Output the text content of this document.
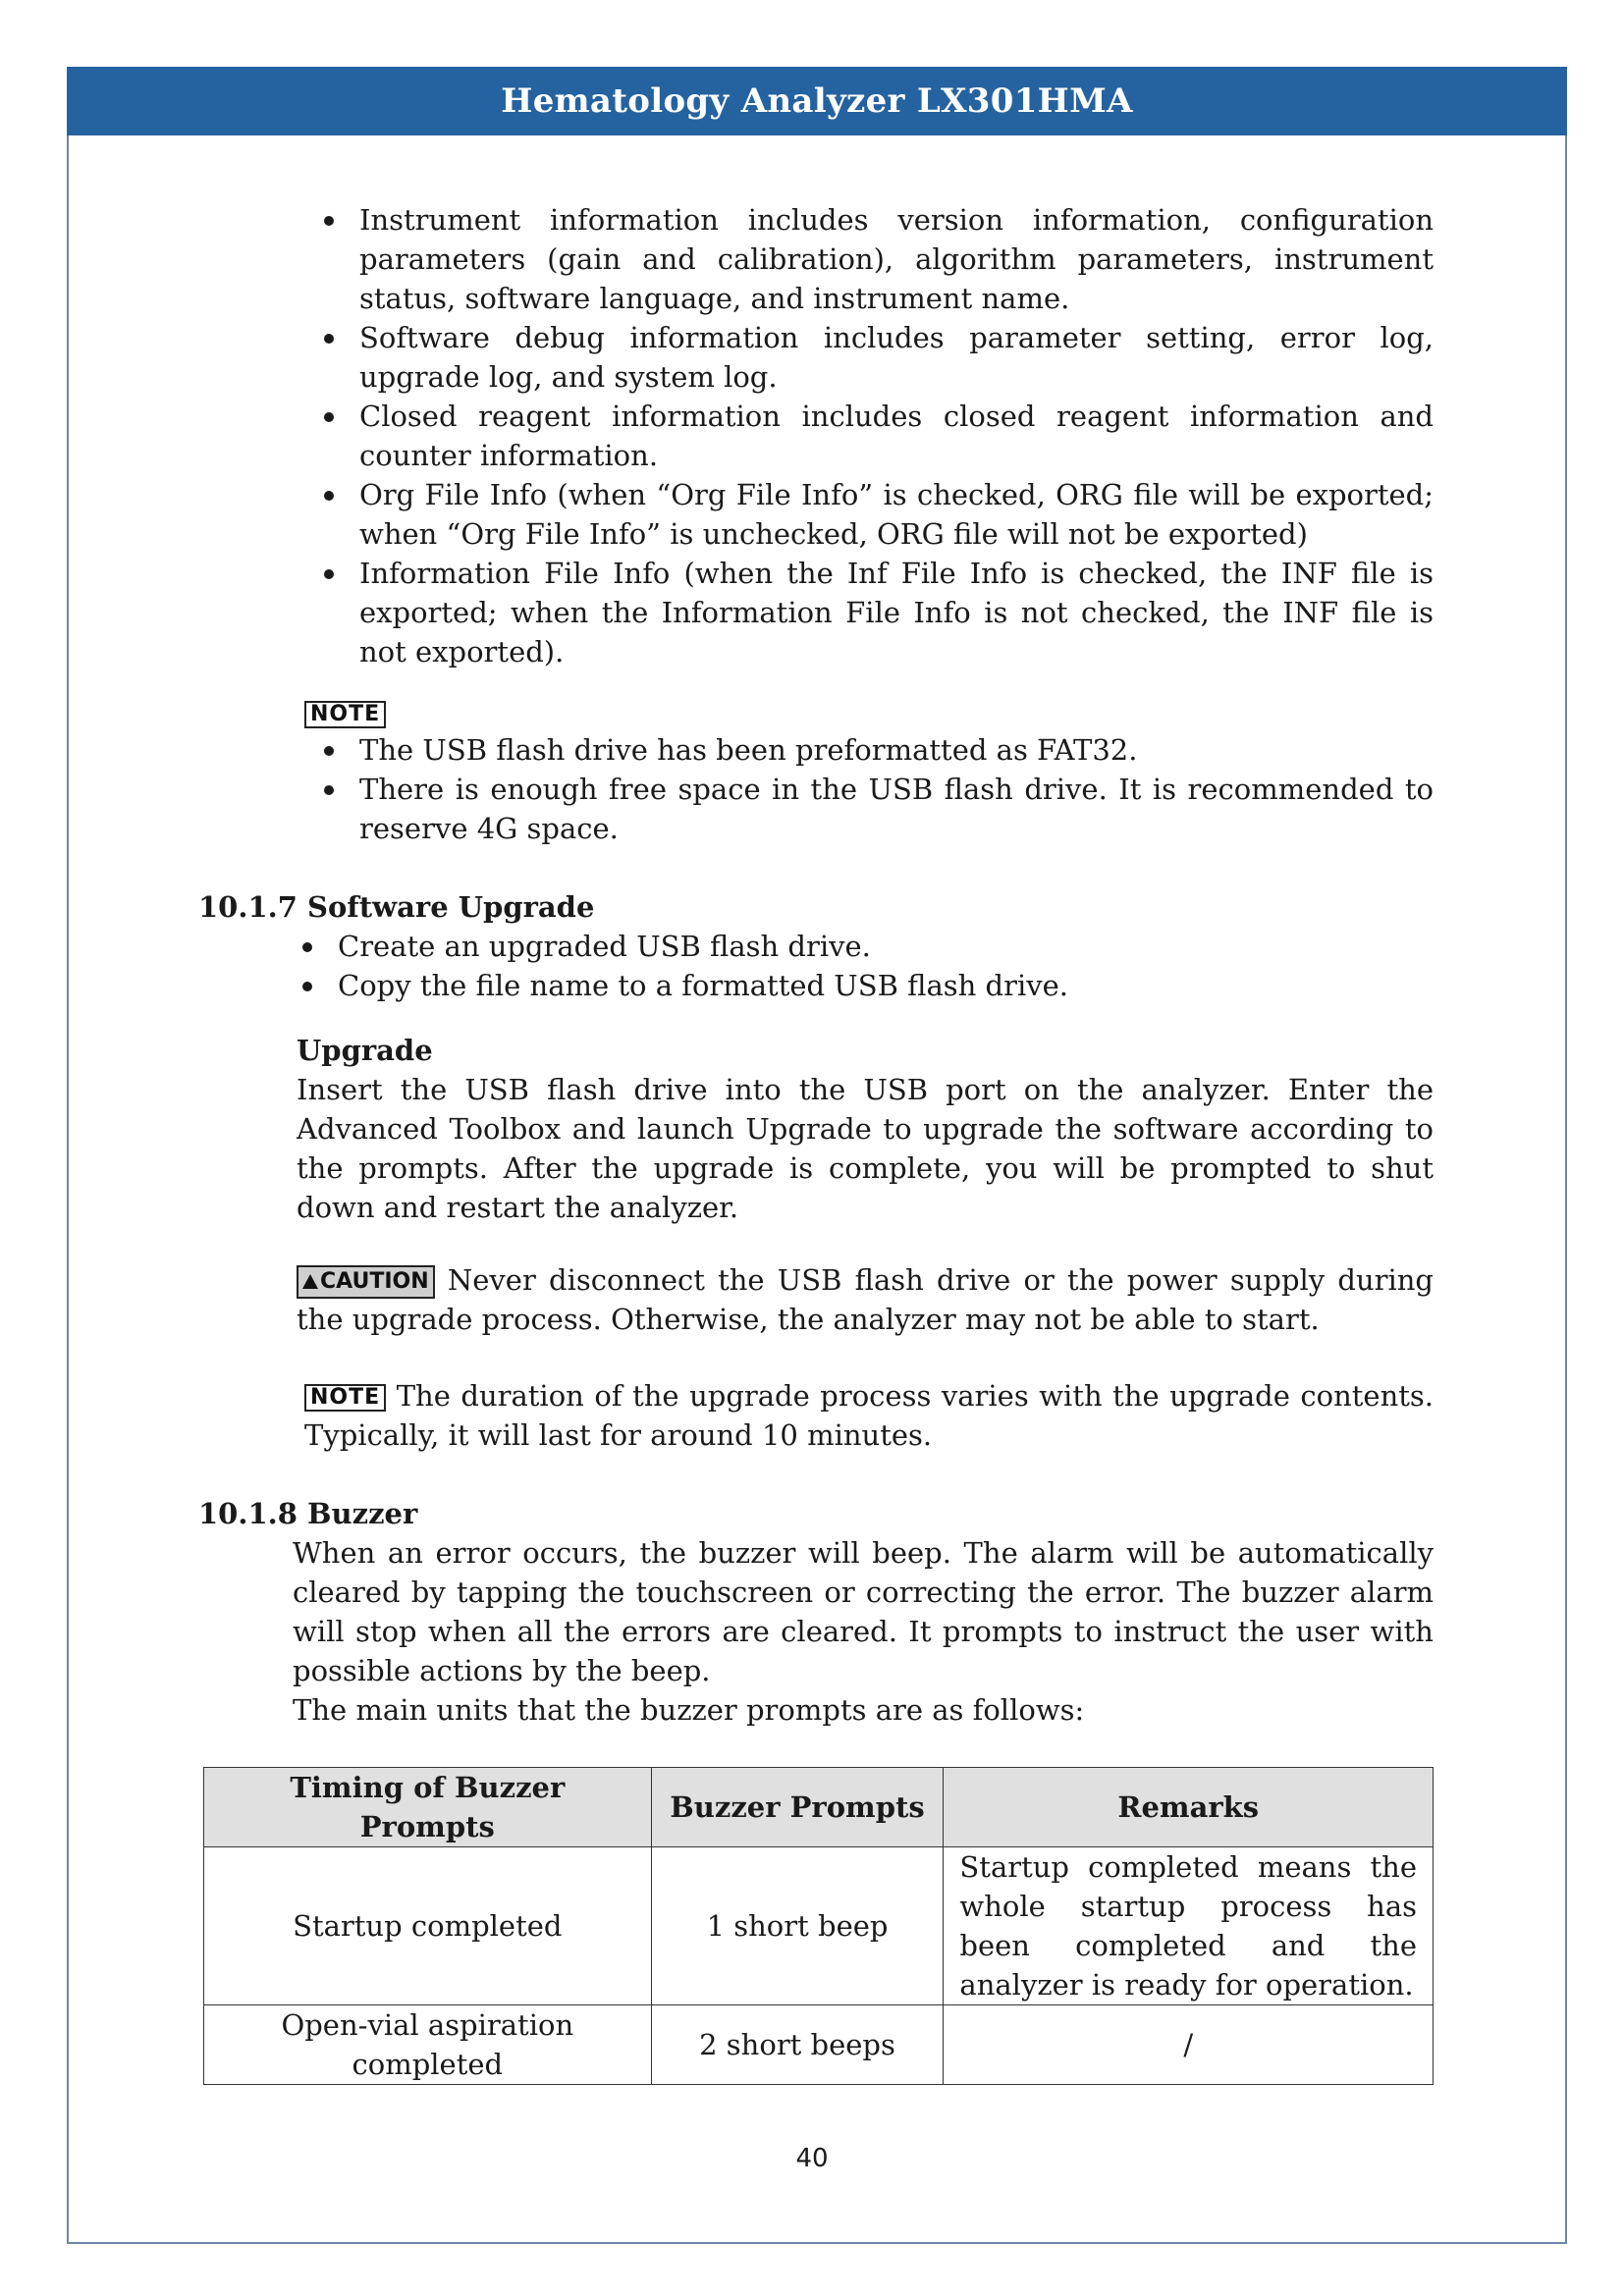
Hematology Analyzer LX301HMA
Instrument information includes version information, configuration parameters (gain and calibration), algorithm parameters, instrument status, software language, and instrument name.
Software debug information includes parameter setting, error log, upgrade log, and system log.
Closed reagent information includes closed reagent information and counter information.
Org File Info (when “Org File Info” is checked, ORG file will be exported; when “Org File Info” is unchecked, ORG file will not be exported)
Information File Info (when the Inf File Info is checked, the INF file is exported; when the Information File Info is not checked, the INF file is not exported).
NOTE
The USB flash drive has been preformatted as FAT32.
There is enough free space in the USB flash drive. It is recommended to reserve 4G space.
10.1.7 Software Upgrade
Create an upgraded USB flash drive.
Copy the file name to a formatted USB flash drive.
Upgrade
Insert the USB flash drive into the USB port on the analyzer. Enter the Advanced Toolbox and launch Upgrade to upgrade the software according to the prompts. After the upgrade is complete, you will be prompted to shut down and restart the analyzer.
CAUTION Never disconnect the USB flash drive or the power supply during the upgrade process. Otherwise, the analyzer may not be able to start.
NOTE The duration of the upgrade process varies with the upgrade contents. Typically, it will last for around 10 minutes.
10.1.8 Buzzer
When an error occurs, the buzzer will beep. The alarm will be automatically cleared by tapping the touchscreen or correcting the error. The buzzer alarm will stop when all the errors are cleared. It prompts to instruct the user with possible actions by the beep.
The main units that the buzzer prompts are as follows:
Timing of Buzzer Prompts	Buzzer Prompts	Remarks
Startup completed	1 short beep	Startup completed means the whole startup process has been completed and the analyzer is ready for operation.
Open-vial aspiration completed	2 short beeps	/
40
